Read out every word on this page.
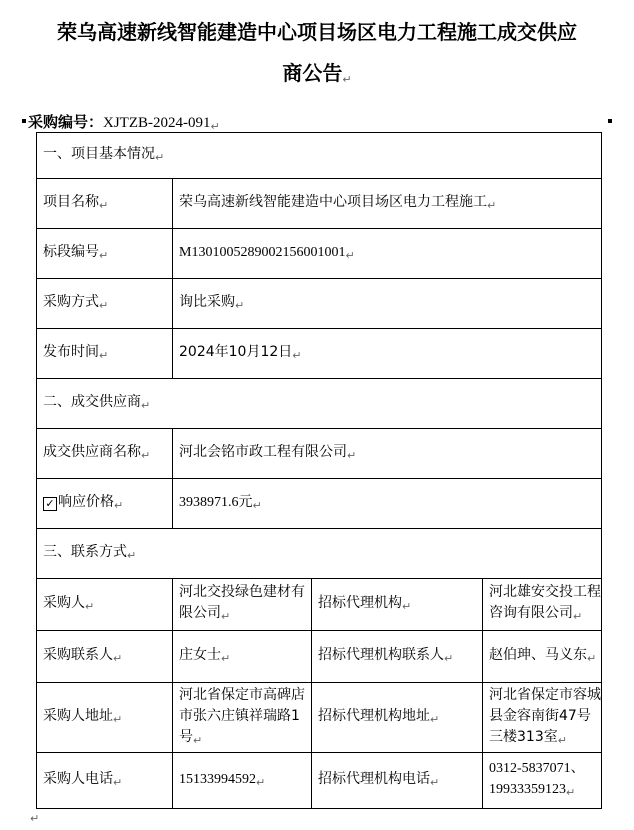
荣乌高速新线智能建造中心项目场区电力工程施工成交供应
商公告↵
采购编号：XJTZB-$2024-091_↵$
一、项目基本情况$_↵$
项目名称$_↵$	荣乌高速新线智能建造中心项目场区电力工程施工$_↵$
标段编号$_↵$	$M1301005289002156001001_↵$
采购方式$_↵$	询比采购$_↵$
发布时间$_↵$	2024年10月12日$_↵$
二、成交供应商$_↵$
成交供应商名称$_↵$	河北会铭市政工程有限公司$_↵$
✓ 响应价格$_↵$	3938971.6元$_↵$
三、联系方式$_↵$
采购人$_↵$	河北交投绿色建材有限公司$_↵$	招标代理机构$_↵$	河北雄安交投工程咨询有限公司$_↵$
采购联系人$_↵$	庄女士$_↵$	招标代理机构联系人$_↵$	赵伯珅、马义东$_↵$
采购人地址$_↵$	河北省保定市高碑店市张六庄镇祥瑞路1号$_↵$	招标代理机构地址$_↵$	河北省保定市容城县金容南街47号三楼313室$_↵$
采购人电话$_↵$	$15133994592_↵$	招标代理机构电话$_↵$	0312-5837071、$19933359123_↵$
↵
